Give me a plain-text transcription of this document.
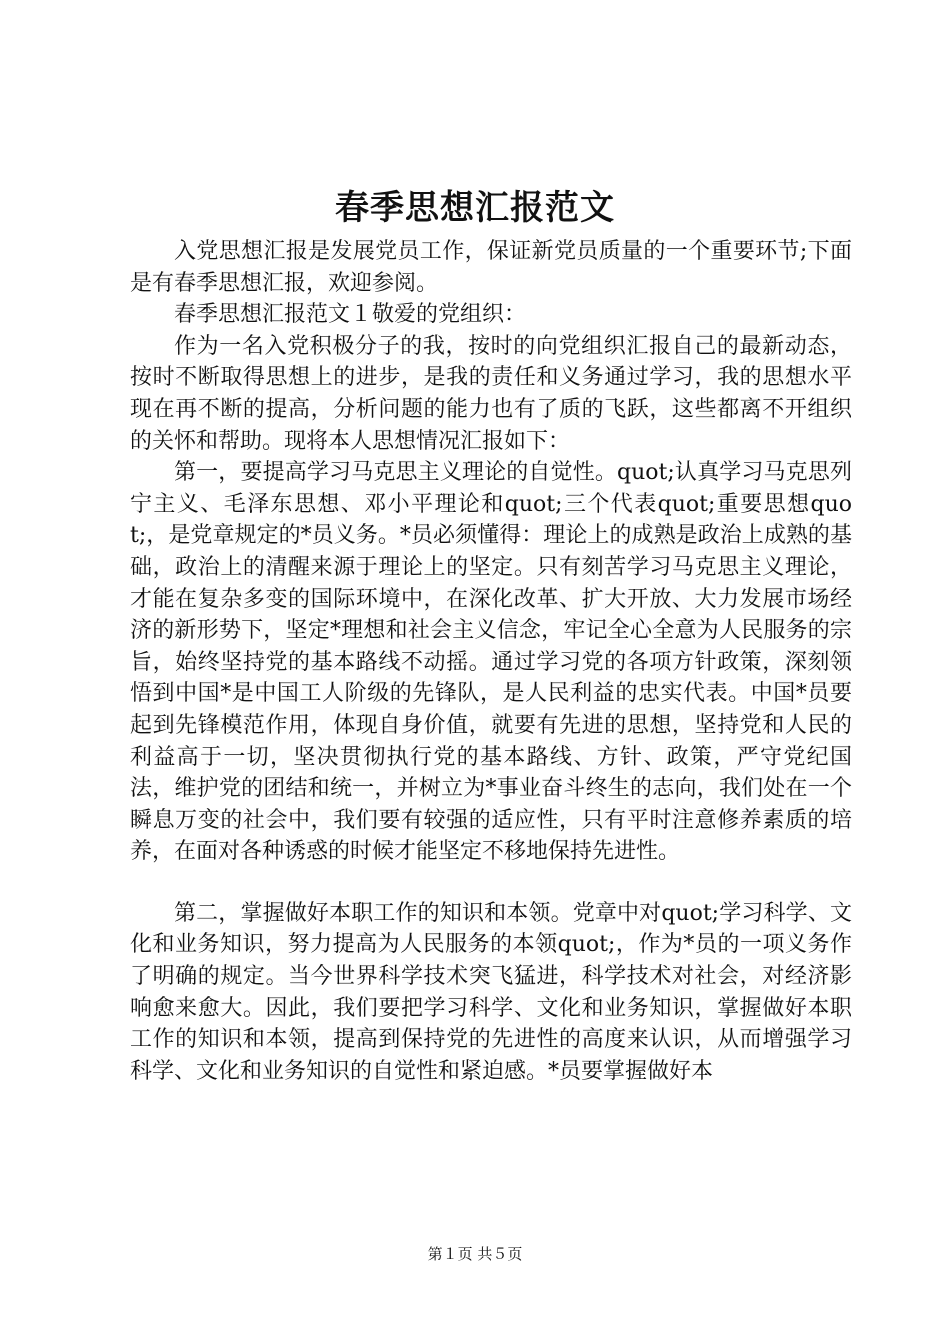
春季思想汇报范文

入党思想汇报是发展党员工作，保证新党员质量的一个重要环节;下面是有春季思想汇报，欢迎参阅。

春季思想汇报范文１敬爱的党组织：

作为一名入党积极分子的我，按时的向党组织汇报自己的最新动态，按时不断取得思想上的进步，是我的责任和义务通过学习，我的思想水平现在再不断的提高，分析问题的能力也有了质的飞跃，这些都离不开组织的关怀和帮助。现将本人思想情况汇报如下：

第一，要提高学习马克思主义理论的自觉性。quot;认真学习马克思列宁主义、毛泽东思想、邓小平理论和quot;三个代表quot;重要思想quot;，是党章规定的*员义务。*员必须懂得：理论上的成熟是政治上成熟的基础，政治上的清醒来源于理论上的坚定。只有刻苦学习马克思主义理论，才能在复杂多变的国际环境中，在深化改革、扩大开放、大力发展市场经济的新形势下，坚定*理想和社会主义信念，牢记全心全意为人民服务的宗旨，始终坚持党的基本路线不动摇。通过学习党的各项方针政策，深刻领悟到中国*是中国工人阶级的先锋队，是人民利益的忠实代表。中国*员要起到先锋模范作用，体现自身价值，就要有先进的思想，坚持党和人民的利益高于一切，坚决贯彻执行党的基本路线、方针、政策，严守党纪国法，维护党的团结和统一，并树立为*事业奋斗终生的志向，我们处在一个瞬息万变的社会中，我们要有较强的适应性，只有平时注意修养素质的培养，在面对各种诱惑的时候才能坚定不移地保持先进性。

第二，掌握做好本职工作的知识和本领。党章中对quot;学习科学、文化和业务知识，努力提高为人民服务的本领quot;，作为*员的一项义务作了明确的规定。当今世界科学技术突飞猛进，科学技术对社会，对经济影响愈来愈大。因此，我们要把学习科学、文化和业务知识，掌握做好本职工作的知识和本领，提高到保持党的先进性的高度来认识，从而增强学习科学、文化和业务知识的自觉性和紧迫感。*员要掌握做好本

第１页 共５页
